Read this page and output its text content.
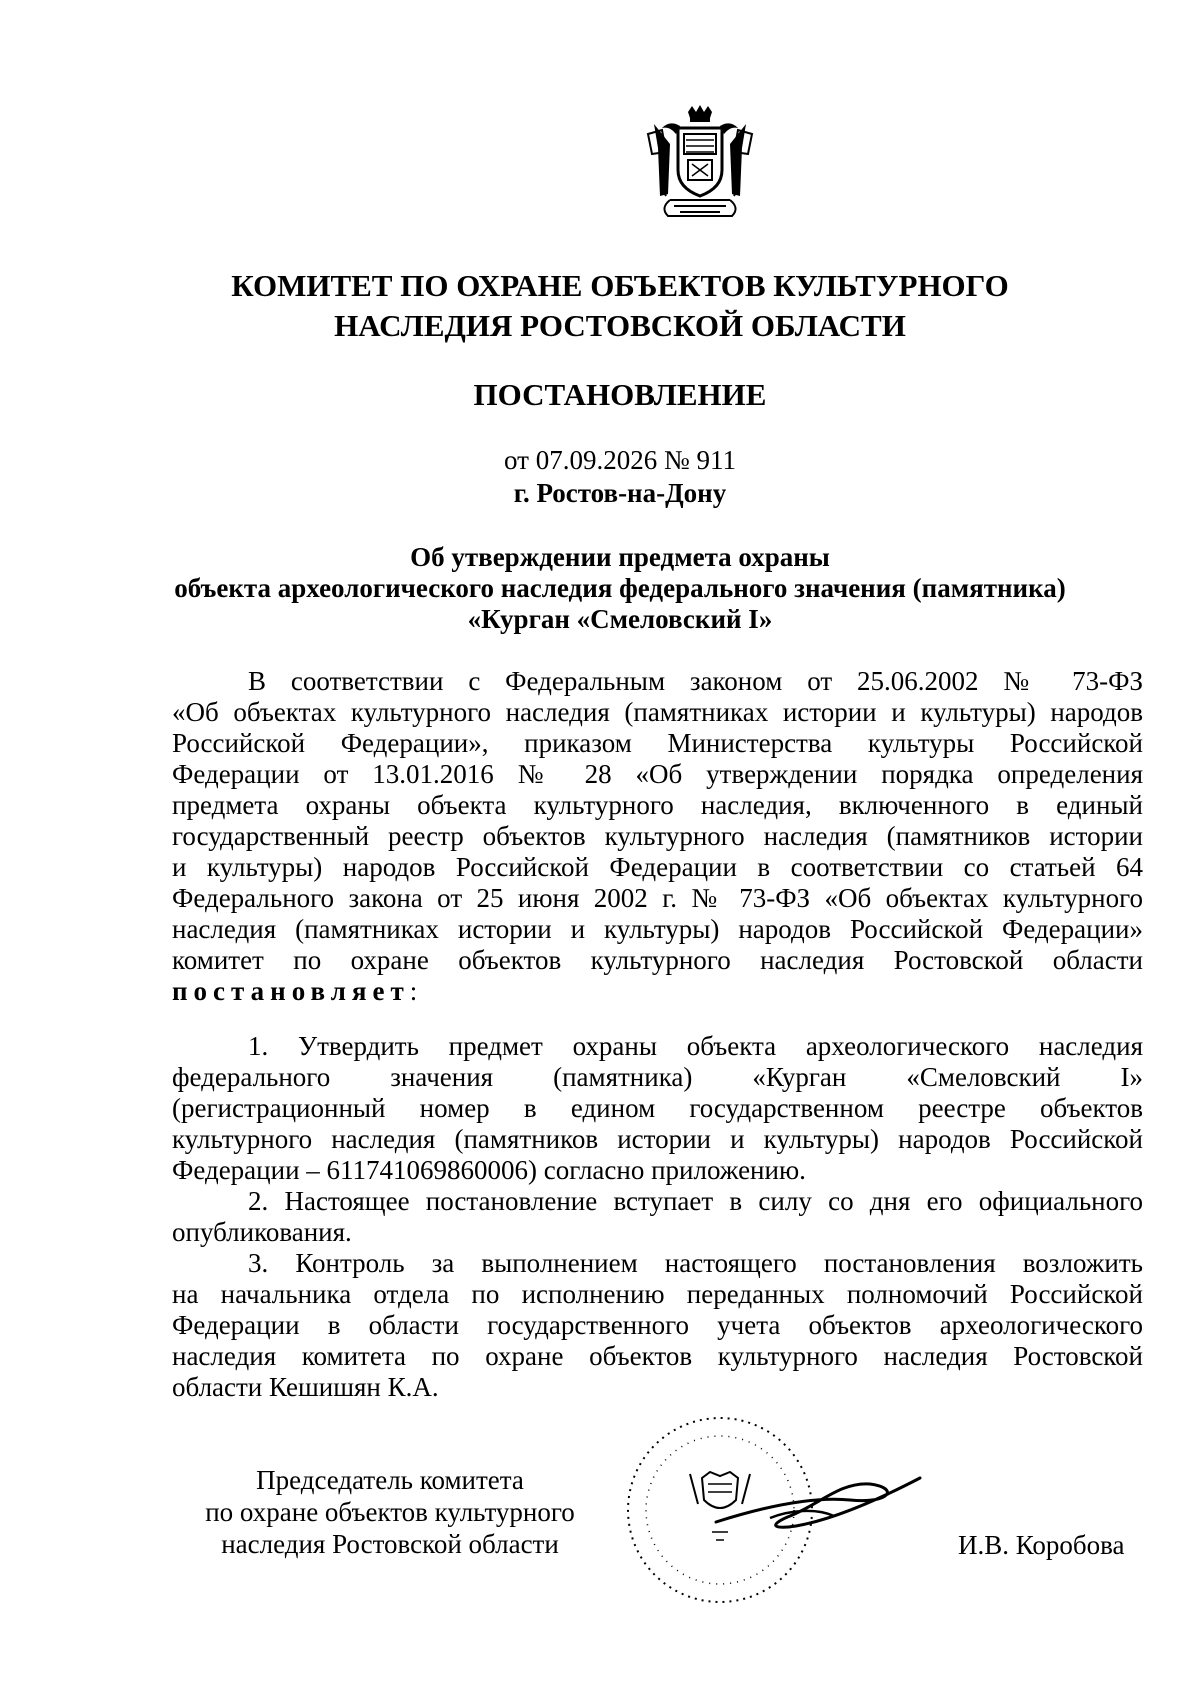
КОМИТЕТ ПО ОХРАНЕ ОБЪЕКТОВ КУЛЬТУРНОГО
НАСЛЕДИЯ РОСТОВСКОЙ ОБЛАСТИ
ПОСТАНОВЛЕНИЕ
от 07.09.2026 № 911
г. Ростов-на-Дону
Об утверждении предмета охраны
объекта археологического наследия федерального значения (памятника)
«Курган «Смеловский I»
В соответствии с Федеральным законом от 25.06.2002 № 73-ФЗ
«Об объектах культурного наследия (памятниках истории и культуры) народов
Российской Федерации», приказом Министерства культуры Российской
Федерации от 13.01.2016 № 28 «Об утверждении порядка определения
предмета охраны объекта культурного наследия, включенного в единый
государственный реестр объектов культурного наследия (памятников истории
и культуры) народов Российской Федерации в соответствии со статьей 64
Федерального закона от 25 июня 2002 г. № 73-ФЗ «Об объектах культурного
наследия (памятниках истории и культуры) народов Российской Федерации»
комитет по охране объектов культурного наследия Ростовской области
постановляет:
1. Утвердить предмет охраны объекта археологического наследия
федерального значения (памятника) «Курган «Смеловский I»
(регистрационный номер в едином государственном реестре объектов
культурного наследия (памятников истории и культуры) народов Российской
Федерации – 611741069860006) согласно приложению.
2. Настоящее постановление вступает в силу со дня его официального
опубликования.
3. Контроль за выполнением настоящего постановления возложить
на начальника отдела по исполнению переданных полномочий Российской
Федерации в области государственного учета объектов археологического
наследия комитета по охране объектов культурного наследия Ростовской
области Кешишян К.А.
Председатель комитета
по охране объектов культурного
наследия Ростовской области	И.В. Коробова
